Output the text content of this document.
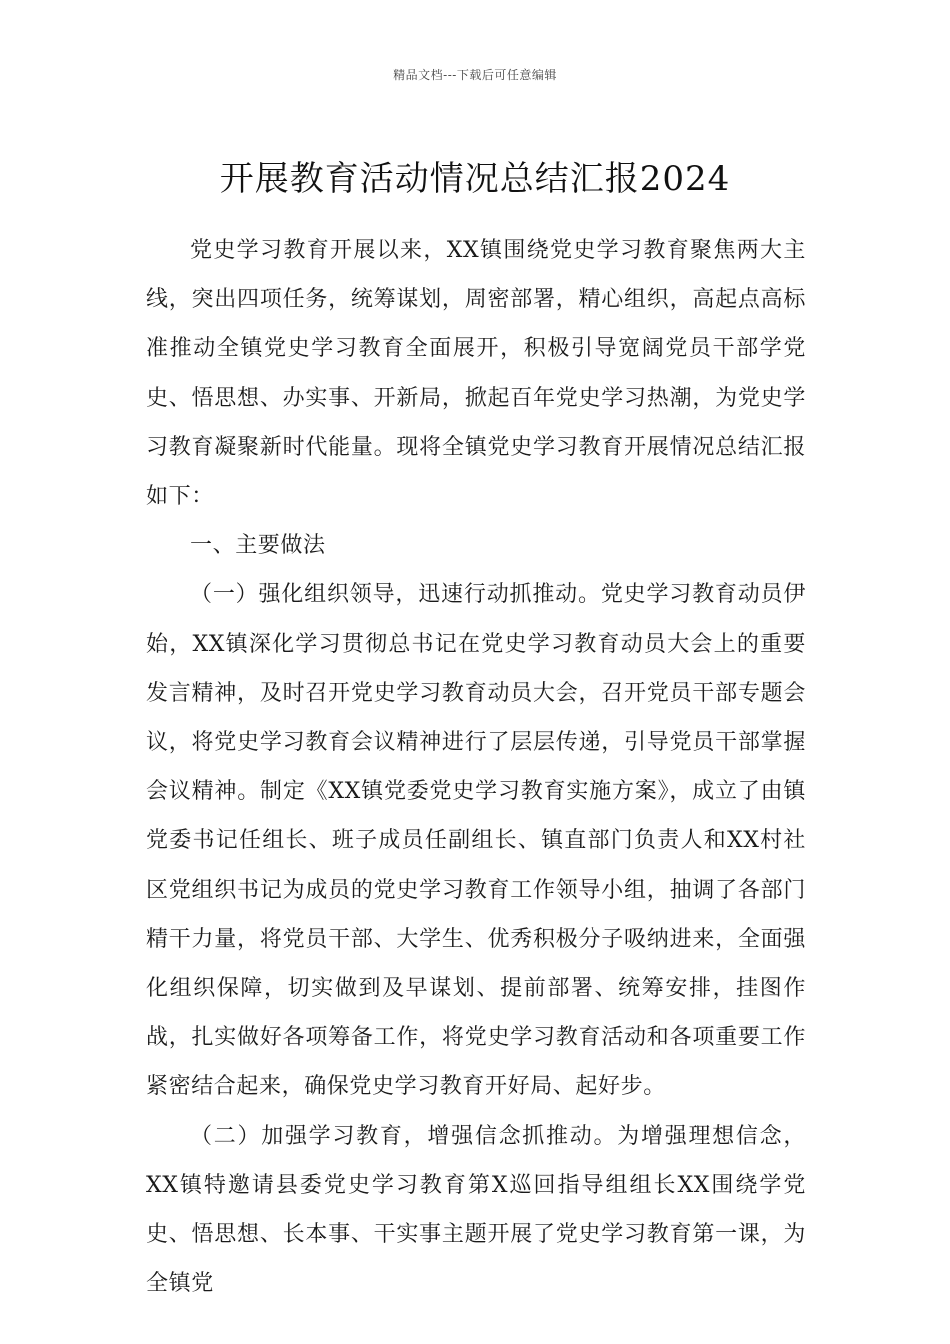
精品文档---下载后可任意编辑
开展教育活动情况总结汇报2024

党史学习教育开展以来，XX镇围绕党史学习教育聚焦两大主线，突出四项任务，统筹谋划，周密部署，精心组织，高起点高标准推动全镇党史学习教育全面展开，积极引导宽阔党员干部学党史、悟思想、办实事、开新局，掀起百年党史学习热潮，为党史学习教育凝聚新时代能量。现将全镇党史学习教育开展情况总结汇报如下：

一、主要做法

（一）强化组织领导，迅速行动抓推动。党史学习教育动员伊始，XX镇深化学习贯彻总书记在党史学习教育动员大会上的重要发言精神，及时召开党史学习教育动员大会，召开党员干部专题会议，将党史学习教育会议精神进行了层层传递，引导党员干部掌握会议精神。制定《XX镇党委党史学习教育实施方案》，成立了由镇党委书记任组长、班子成员任副组长、镇直部门负责人和XX村社区党组织书记为成员的党史学习教育工作领导小组，抽调了各部门精干力量，将党员干部、大学生、优秀积极分子吸纳进来，全面强化组织保障，切实做到及早谋划、提前部署、统筹安排，挂图作战，扎实做好各项筹备工作，将党史学习教育活动和各项重要工作紧密结合起来，确保党史学习教育开好局、起好步。

（二）加强学习教育，增强信念抓推动。为增强理想信念，XX镇特邀请县委党史学习教育第X巡回指导组组长XX围绕学党史、悟思想、长本事、干实事主题开展了党史学习教育第一课，为全镇党
